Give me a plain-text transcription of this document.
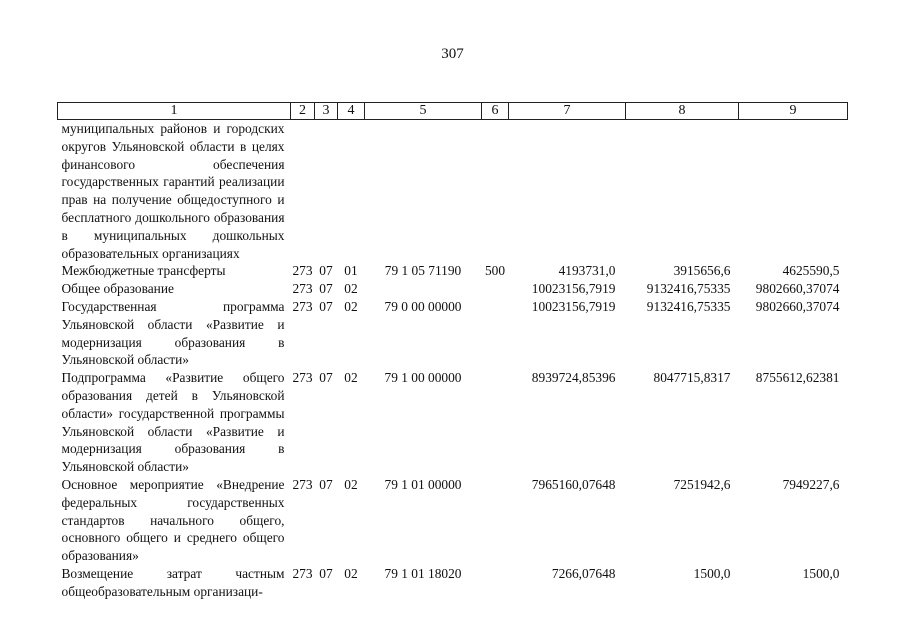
307
1	2	3	4	5	6	7	8	9
муниципальных районов и городских округов Ульяновской области в целях финансового обеспечения государственных гарантий реализации прав на получение общедоступного и бесплатного дошкольного образования в муниципальных дошкольных образовательных организациях								
Межбюджетные трансферты	273	07	01	79 1 05 71190	500	4193731,0	3915656,6	4625590,5
Общее образование	273	07	02			10023156,7919	9132416,75335	9802660,37074
Государственная программа Ульяновской области «Развитие и модернизация образования в Ульяновской области»	273	07	02	79 0 00 00000		10023156,7919	9132416,75335	9802660,37074
Подпрограмма «Развитие общего образования детей в Ульяновской области» государственной программы Ульяновской области «Развитие и модернизация образования в Ульяновской области»	273	07	02	79 1 00 00000		8939724,85396	8047715,8317	8755612,62381
Основное мероприятие «Внедрение федеральных государственных стандартов начального общего, основного общего и среднего общего образования»	273	07	02	79 1 01 00000		7965160,07648	7251942,6	7949227,6
Возмещение затрат частным общеобразовательным организаци-	273	07	02	79 1 01 18020		7266,07648	1500,0	1500,0
